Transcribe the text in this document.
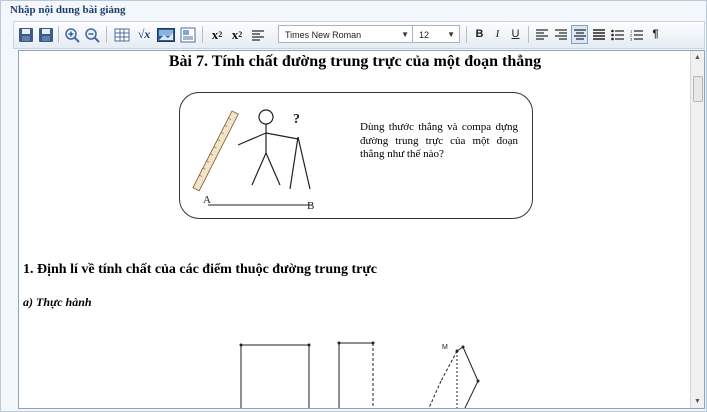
Nhập nội dung bài giảng
√x	x 2 x 2	Times New Roman	▼	12 ▼	B	I	U	1
2
3	¶
Bài 7. Tính chất đường trung trực của một đoạn thẳng
?
A	B
Dùng thước thẳng và compa dựng đường trung trực của một đoạn thẳng như thế nào?
1. Định lí về tính chất của các điểm thuộc đường trung trực
a) Thực hành
M
▲
▼
